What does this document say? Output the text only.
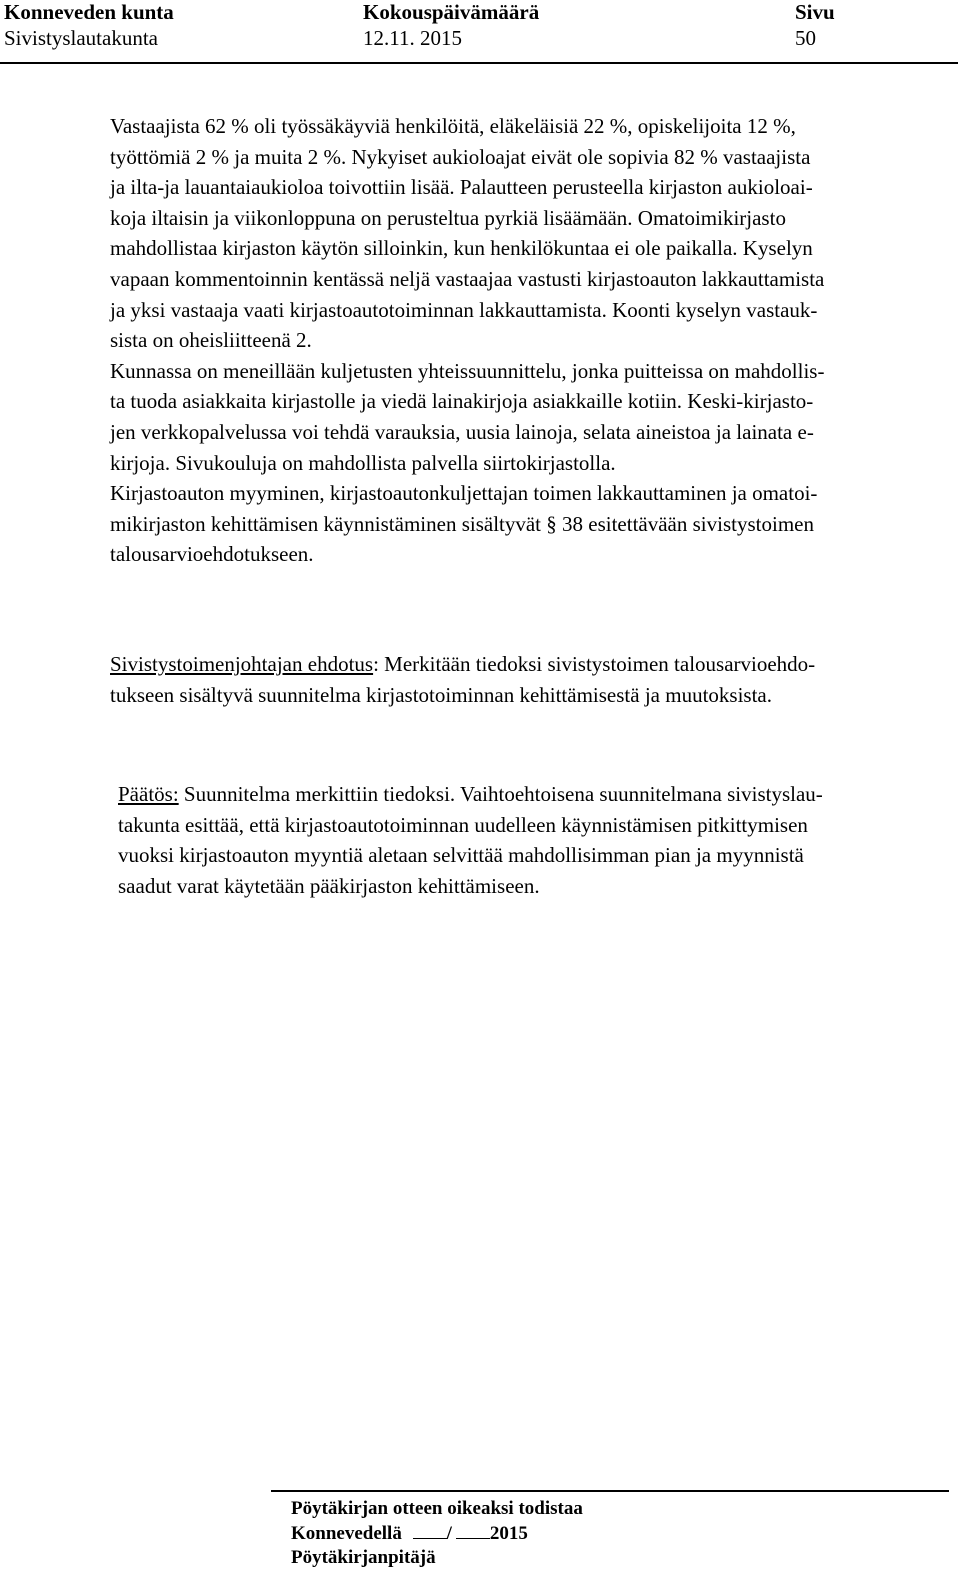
Konneveden kunta
Sivistyslautakunta
Kokouspäivämäärä
12.11. 2015
Sivu
50

Vastaajista 62 % oli työssäkäyviä henkilöitä, eläkeläisiä 22 %, opiskelijoita 12 %,

työttömiä 2 % ja muita 2 %. Nykyiset aukioloajat eivät ole sopivia 82 % vastaajista

ja ilta-ja lauantaiaukioloa toivottiin lisää. Palautteen perusteella kirjaston aukioloai-

koja iltaisin ja viikonloppuna on perusteltua pyrkiä lisäämään. Omatoimikirjasto

mahdollistaa kirjaston käytön silloinkin, kun henkilökuntaa ei ole paikalla. Kyselyn

vapaan kommentoinnin kentässä neljä vastaajaa vastusti kirjastoauton lakkauttamista

ja yksi vastaaja vaati kirjastoautotoiminnan lakkauttamista. Koonti kyselyn vastauk-

sista on oheisliitteenä 2.

Kunnassa on meneillään kuljetusten yhteissuunnittelu, jonka puitteissa on mahdollis-

ta tuoda asiakkaita kirjastolle ja viedä lainakirjoja asiakkaille kotiin. Keski-kirjasto-

jen verkkopalvelussa voi tehdä varauksia, uusia lainoja, selata aineistoa ja lainata e-

kirjoja. Sivukouluja on mahdollista palvella siirtokirjastolla.

Kirjastoauton myyminen, kirjastoautonkuljettajan toimen lakkauttaminen ja omatoi-

mikirjaston kehittämisen käynnistäminen sisältyvät § 38 esitettävään sivistystoimen

talousarvioehdotukseen.

Sivistystoimenjohtajan ehdotus: Merkitään tiedoksi sivistystoimen talousarvioehdo-
tukseen sisältyvä suunnitelma kirjastotoiminnan kehittämisestä ja muutoksista.
Päätös: Suunnitelma merkittiin tiedoksi. Vaihtoehtoisena suunnitelmana sivistyslau-
takunta esittää, että kirjastoautotoiminnan uudelleen käynnistämisen pitkittymisen
vuoksi kirjastoauton myyntiä aletaan selvittää mahdollisimman pian ja myynnistä
saadut varat käytetään pääkirjaston kehittämiseen.
Pöytäkirjan otteen oikeaksi todistaa
Konnevedellä / 2015
Pöytäkirjanpitäjä
